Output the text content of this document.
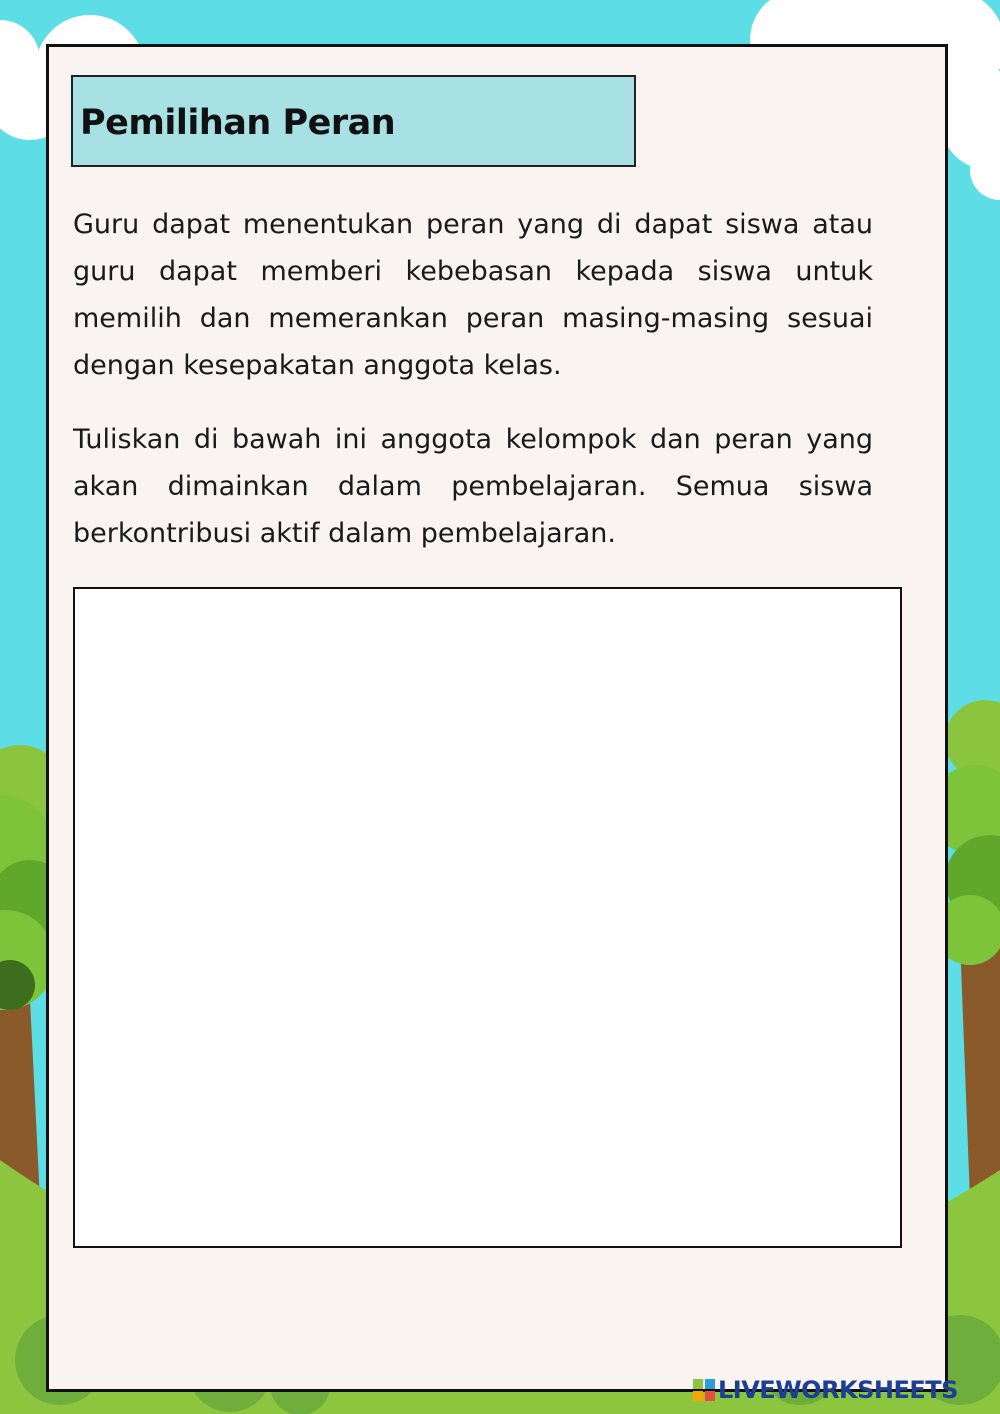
Pemilihan Peran

Guru dapat menentukan peran yang di dapat siswa atau guru dapat memberi kebebasan kepada siswa untuk memilih dan memerankan peran masing-masing sesuai dengan kesepakatan anggota kelas.

Tuliskan di bawah ini anggota kelompok dan peran yang akan dimainkan dalam pembelajaran. Semua siswa berkontribusi aktif dalam pembelajaran.

LIVEWORKSHEETS
